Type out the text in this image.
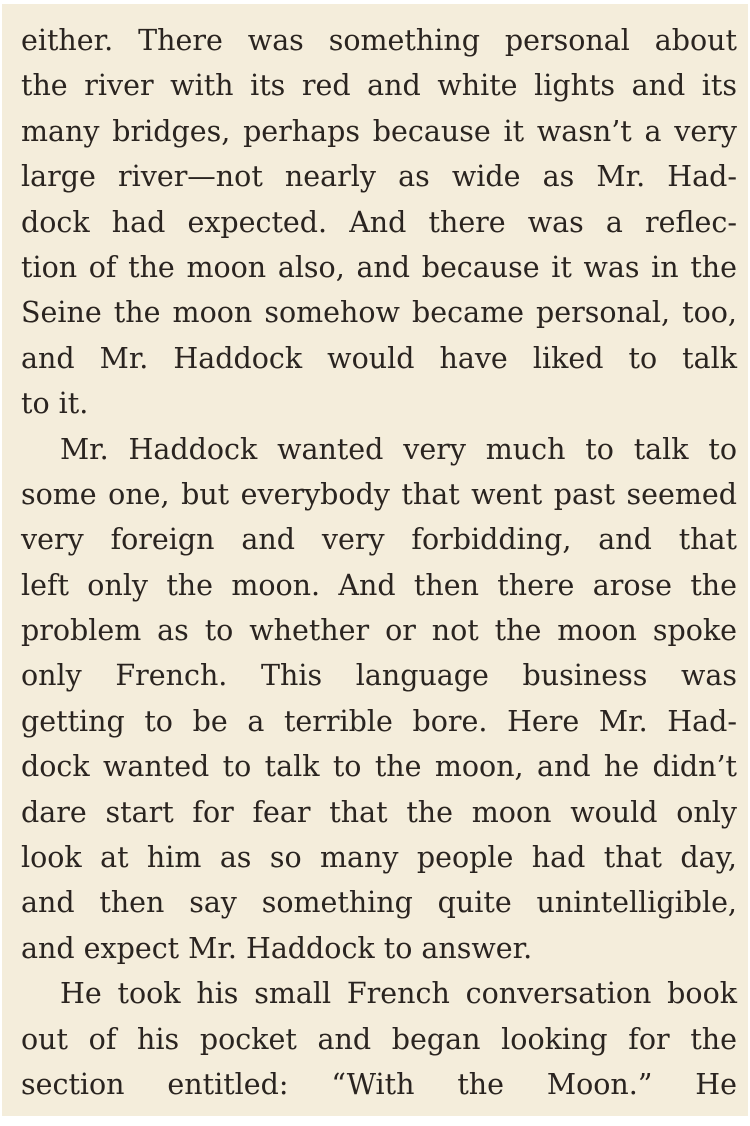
either. There was something personal about
the river with its red and white lights and its
many bridges, perhaps because it wasn’t a very
large river—not nearly as wide as Mr. Had-
dock had expected. And there was a reflec-
tion of the moon also, and because it was in the
Seine the moon somehow became personal, too,
and Mr. Haddock would have liked to talk
to it.
Mr. Haddock wanted very much to talk to
some one, but everybody that went past seemed
very foreign and very forbidding, and that
left only the moon. And then there arose the
problem as to whether or not the moon spoke
only French. This language business was
getting to be a terrible bore. Here Mr. Had-
dock wanted to talk to the moon, and he didn’t
dare start for fear that the moon would only
look at him as so many people had that day,
and then say something quite unintelligible,
and expect Mr. Haddock to answer.
He took his small French conversation book
out of his pocket and began looking for the
section entitled: “With the Moon.” He
